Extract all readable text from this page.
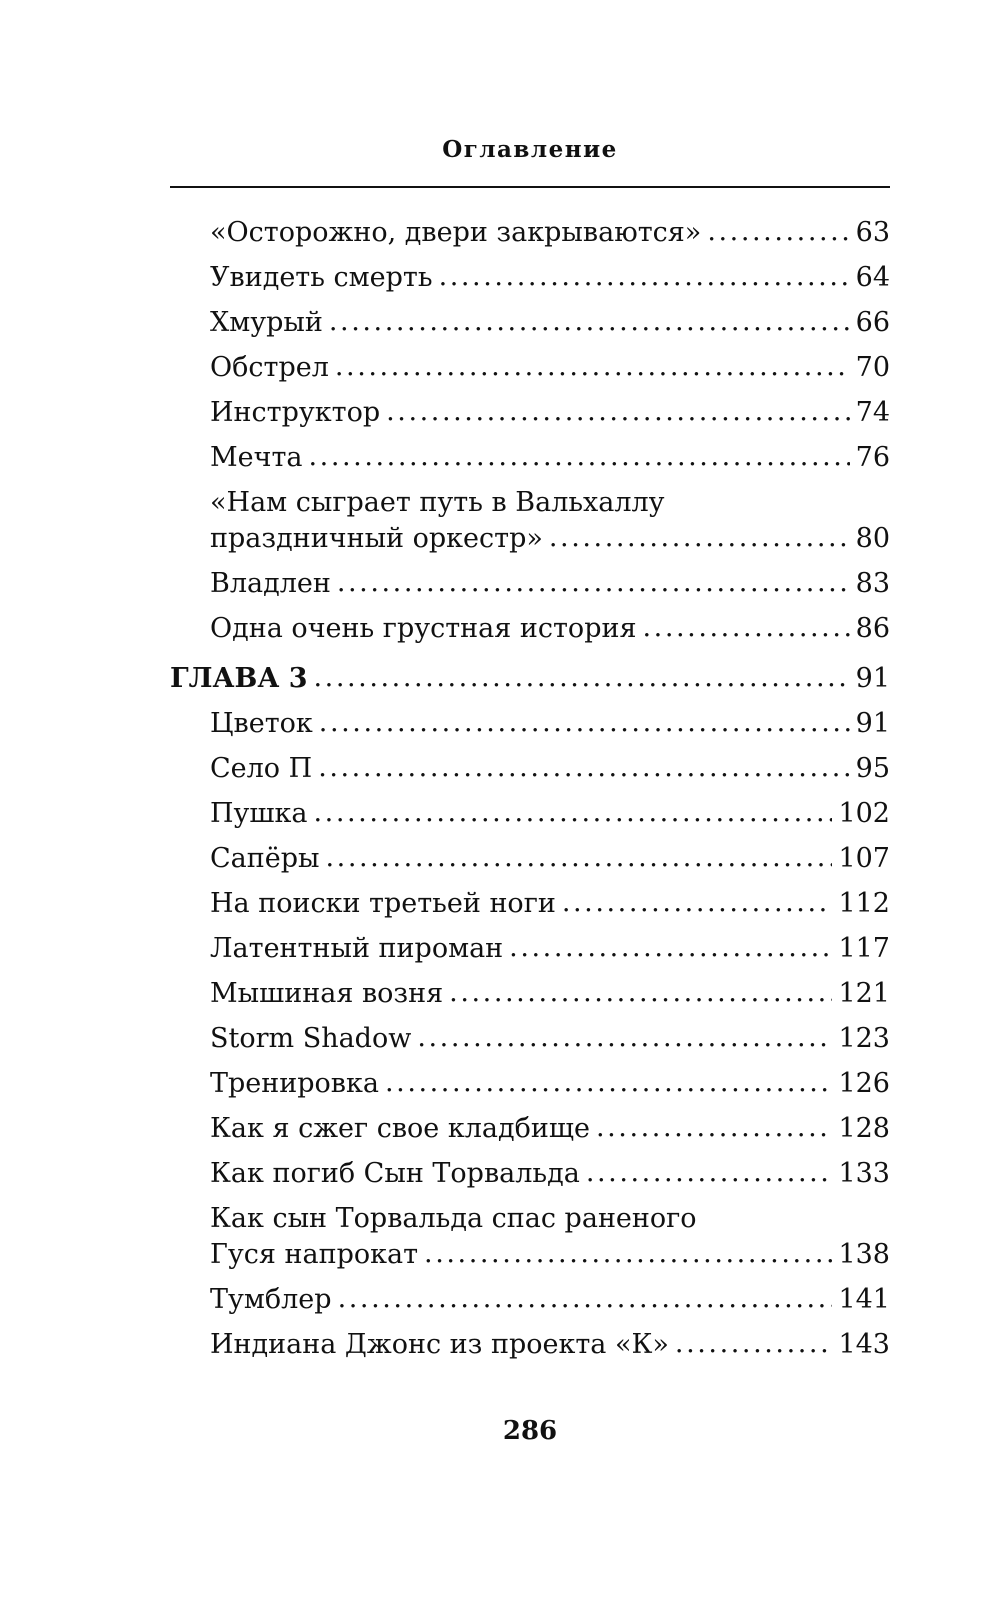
Оглавление
«Осторожно, двери закрываются» . . .	63
Увидеть смерть . . .	64
Хмурый . . .	66
Обстрел . . .	70
Инструктор . . .	74
Мечта . . .	76
«Нам сыграет путь в Вальхаллу
праздничный оркестр» . . .	80
Владлен . . .	83
Одна очень грустная история . . .	86
ГЛАВА 3 . . .	91
Цветок . . .	91
Село П . . .	95
Пушка . . .	102
Сапёры . . .	107
На поиски третьей ноги . . .	112
Латентный пироман . . .	117
Мышиная возня . . .	121
Storm Shadow . . .	123
Тренировка . . .	126
Как я сжег свое кладбище . . .	128
Как погиб Сын Торвальда . . .	133
Как сын Торвальда спас раненого
Гуся напрокат . . .	138
Тумблер . . .	141
Индиана Джонс из проекта «К» . . .	143
286
